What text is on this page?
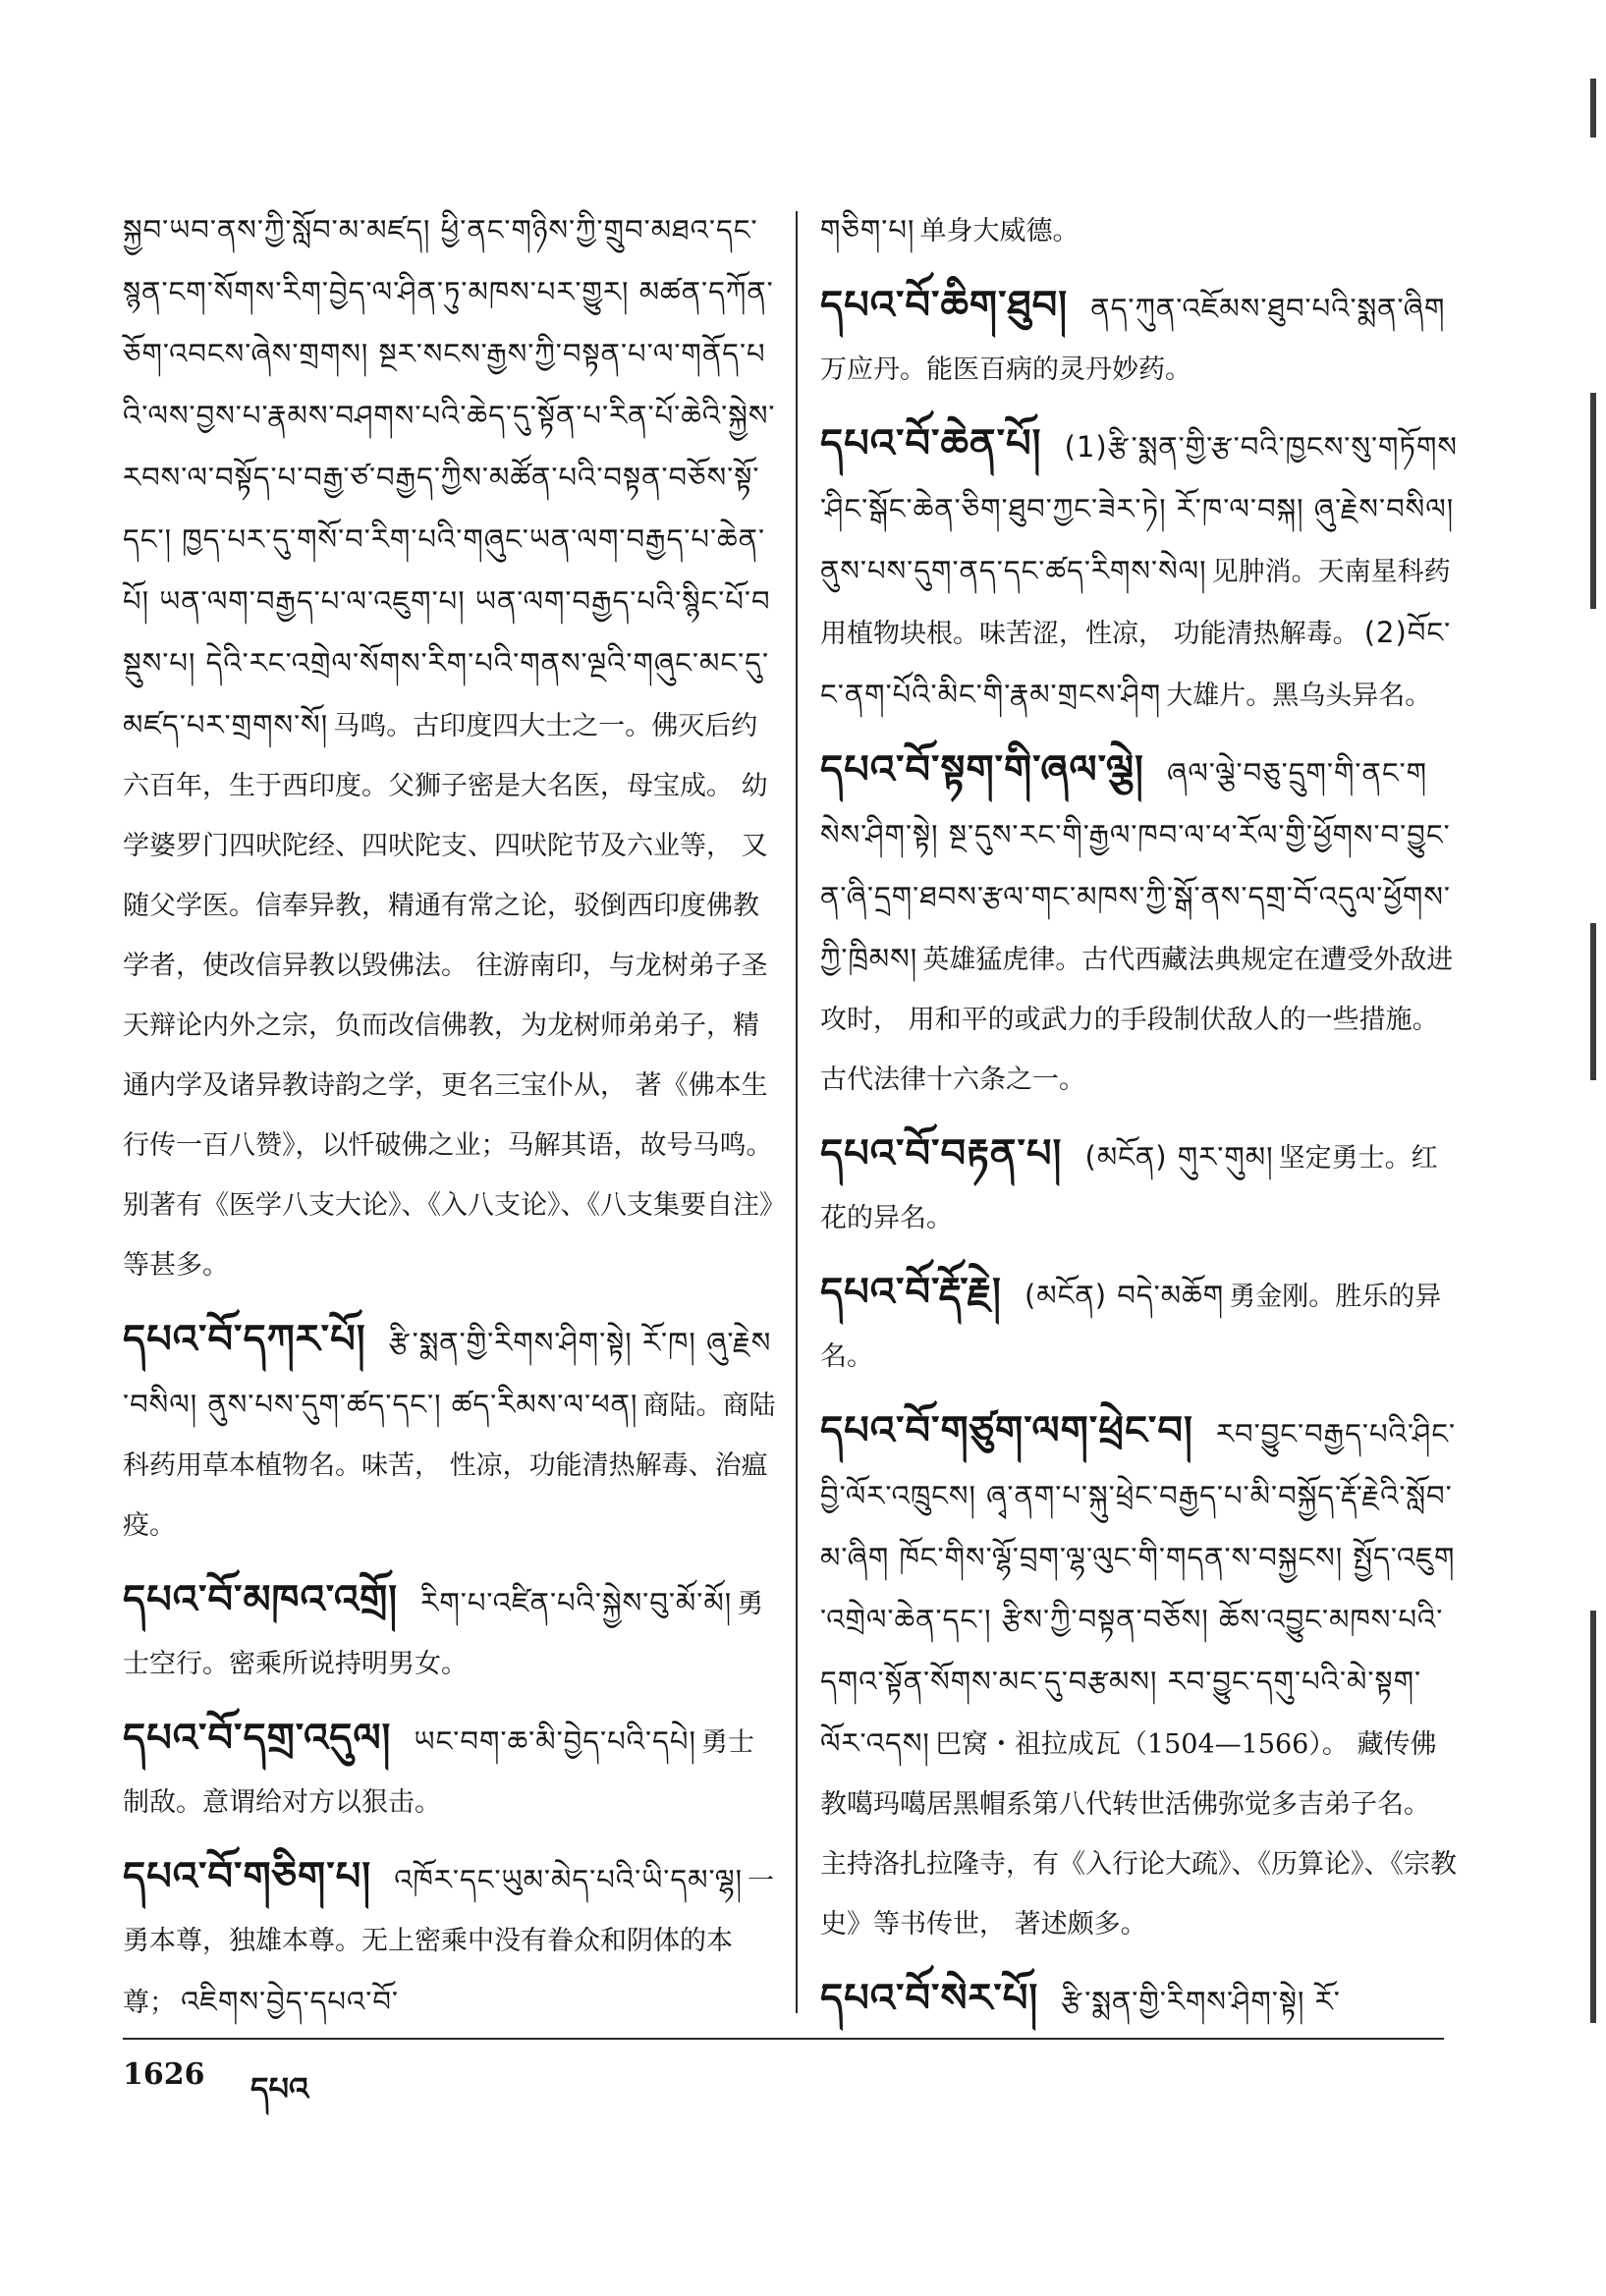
སྐྱབ་ཡབ་ནས་ཀྱི་སློབ་མ་མཛད། ཕྱི་ནང་གཉིས་ཀྱི་གྲུབ་མཐའ་དང་སྙན་ངག་སོགས་རིག་བྱེད་ལ་ཤིན་ཏུ་མཁས་པར་གྱུར། མཚན་དཀོན་ཅོག་འབངས་ཞེས་གྲགས། སྔར་སངས་རྒྱས་ཀྱི་བསྟན་པ་ལ་གནོད་པའི་ལས་བྱས་པ་རྣམས་བཤགས་པའི་ཆེད་དུ་སྟོན་པ་རིན་པོ་ཆེའི་སྐྱེས་རབས་ལ་བསྟོད་པ་བརྒྱ་ཙ་བརྒྱད་ཀྱིས་མཚོན་པའི་བསྟན་བཅོས་སྟོ་དང་། ཁྱད་པར་དུ་གསོ་བ་རིག་པའི་གཞུང་ཡན་ལག་བརྒྱད་པ་ཆེན་པོ། ཡན་ལག་བརྒྱད་པ་ལ་འཇུག་པ། ཡན་ལག་བརྒྱད་པའི་སྙིང་པོ་བསྡུས་པ། དེའི་རང་འགྲེལ་སོགས་རིག་པའི་གནས་ལྔའི་གཞུང་མང་དུ་མཛད་པར་གྲགས་སོ། 马鸣。古印度四大士之一。佛灭后约六百年，生于西印度。父狮子密是大名医，母宝成。 幼学婆罗门四吠陀经、四吠陀支、四吠陀节及六业等， 又随父学医。信奉异教，精通有常之论，驳倒西印度佛教学者，使改信异教以毁佛法。 往游南印，与龙树弟子圣天辩论内外之宗，负而改信佛教，为龙树师弟弟子，精通内学及诸异教诗韵之学，更名三宝仆从， 著《佛本生行传一百八赞》，以忏破佛之业；马解其语，故号马鸣。别著有《医学八支大论》、《入八支论》、《八支集要自注》等甚多。
དཔའ་བོ་དཀར་པོ། རྩི་སྨན་གྱི་རིགས་ཤིག་སྟེ། རོ་ཁ། ཞུ་རྗེས་བསིལ། ནུས་པས་དུག་ཚད་དང་། ཚད་རིམས་ལ་ཕན། 商陆。商陆科药用草本植物名。味苦， 性凉，功能清热解毒、治瘟疫。
དཔའ་བོ་མཁའ་འགྲོ། རིག་པ་འཛིན་པའི་སྐྱེས་བུ་མོ་མོ། 勇士空行。密乘所说持明男女。
དཔའ་བོ་དགྲ་འདུལ། ཡང་བག་ཆ་མི་བྱེད་པའི་དཔེ། 勇士制敌。意谓给对方以狠击。
དཔའ་བོ་གཅིག་པ། འཁོར་དང་ཡུམ་མེད་པའི་ཡི་དམ་ལྷ། 一勇本尊，独雄本尊。无上密乘中没有眷众和阴体的本尊； འཇིགས་བྱེད་དཔའ་བོ་
གཅིག་པ། 单身大威德。
དཔའ་བོ་ཆིག་ཐུབ། ནད་ཀུན་འཇོམས་ཐུབ་པའི་སྨན་ཞིག 万应丹。能医百病的灵丹妙药。
དཔའ་བོ་ཆེན་པོ། (1)རྩི་སྨན་གྱི་རྩ་བའི་ཁྱངས་སུ་གཏོགས་ཤིང་སྒོང་ཆེན་ཅིག་ཐུབ་ཀྱང་ཟེར་ཏེ། རོ་ཁ་ལ་བསྐ། ཞུ་རྗེས་བསིལ། ནུས་པས་དུག་ནད་དང་ཚད་རིགས་སེལ། 见肿消。天南星科药用植物块根。味苦涩，性凉， 功能清热解毒。 (2)བོང་ང་ནག་པོའི་མིང་གི་རྣམ་གྲངས་ཤིག 大雄片。黑乌头异名。
དཔའ་བོ་སྟག་གི་ཞལ་ལྕེ། ཞལ་ལྕེ་བཅུ་དྲུག་གི་ནང་གསེས་ཤིག་སྟེ། སྔ་དུས་རང་གི་རྒྱལ་ཁབ་ལ་ཕ་རོལ་གྱི་ཕྱོགས་བ་བྱུང་ན་ཞི་དྲག་ཐབས་རྩལ་གང་མཁས་ཀྱི་སྒོ་ནས་དགྲ་བོ་འདུལ་ཕྱོགས་ཀྱི་ཁྲིམས། 英雄猛虎律。古代西藏法典规定在遭受外敌进攻时， 用和平的或武力的手段制伏敌人的一些措施。古代法律十六条之一。
དཔའ་བོ་བརྟན་པ། (མངོན) གུར་གུམ། 坚定勇士。红花的异名。
དཔའ་བོ་རྡོ་རྗེ། (མངོན) བདེ་མཆོག 勇金刚。胜乐的异名。
དཔའ་བོ་གཙུག་ལག་ཕྲེང་བ། རབ་བྱུང་བརྒྱད་པའི་ཤིང་བྱི་ལོར་འཁྲུངས། ཞྭ་ནག་པ་སྐུ་ཕྲེང་བརྒྱད་པ་མི་བསྐྱོད་རྡོ་རྗེའི་སློབ་མ་ཞིག ཁོང་གིས་ལྷོ་བྲག་ལྷ་ལུང་གི་གདན་ས་བསྐྱངས། སྤྱོད་འཇུག་འགྲེལ་ཆེན་དང་། རྩིས་ཀྱི་བསྟན་བཅོས། ཆོས་འབྱུང་མཁས་པའི་དགའ་སྟོན་སོགས་མང་དུ་བརྩམས། རབ་བྱུང་དགུ་པའི་མེ་སྟག་ལོར་འདས། 巴窝・祖拉成瓦（1504—1566）。 藏传佛教噶玛噶居黑帽系第八代转世活佛弥觉多吉弟子名。 主持洛扎拉隆寺，有《入行论大疏》、《历算论》、《宗教史》等书传世， 著述颇多。
དཔའ་བོ་སེར་པོ། རྩི་སྨན་གྱི་རིགས་ཤིག་སྟེ། རོ་
1626 དཔའ
